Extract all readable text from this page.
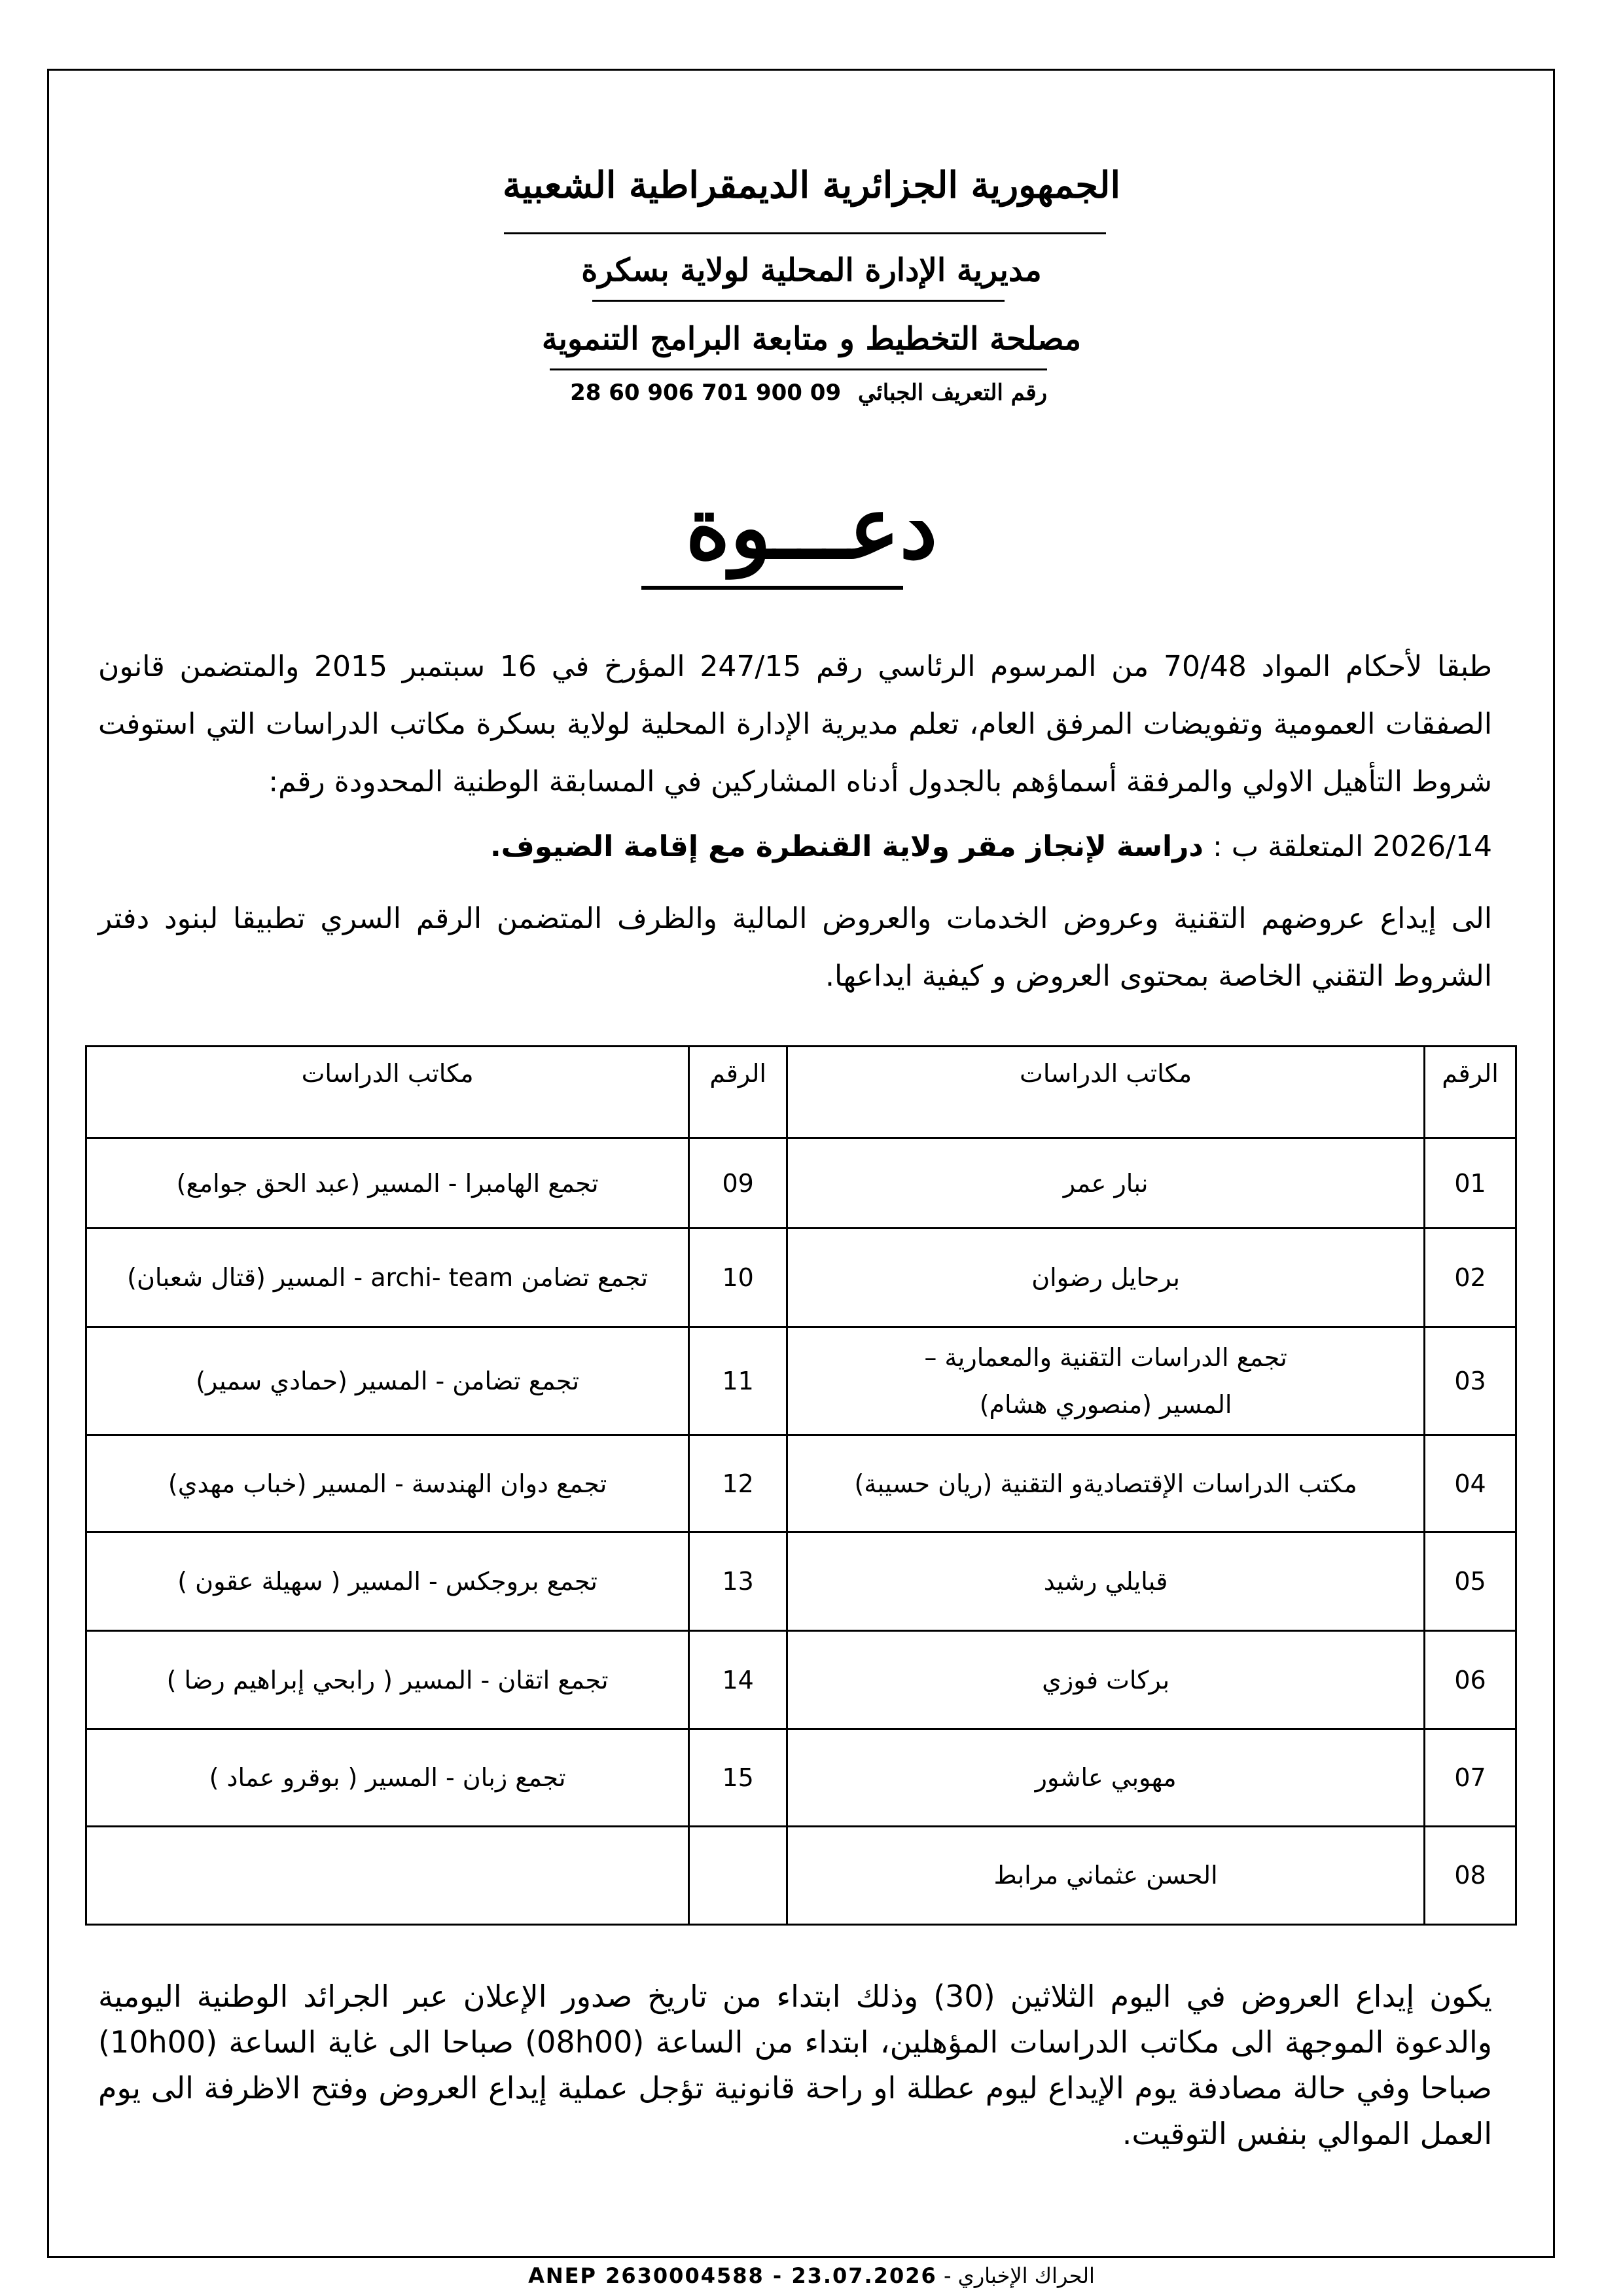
الجمهورية الجزائرية الديمقراطية الشعبية
مديرية الإدارة المحلية لولاية بسكرة
مصلحة التخطيط و متابعة البرامج التنموية
رقم التعريف الجبائي 28 60 906 701 900 09
دعـــوة
طبقا لأحكام المواد 70/48 من المرسوم الرئاسي رقم 247/15 المؤرخ في 16 سبتمبر 2015 والمتضمن قانون الصفقات العمومية وتفويضات المرفق العام، تعلم مديرية الإدارة المحلية لولاية بسكرة مكاتب الدراسات التي استوفت شروط التأهيل الاولي والمرفقة أسماؤهم بالجدول أدناه المشاركين في المسابقة الوطنية المحدودة رقم:
2026/14 المتعلقة ب : دراسة لإنجاز مقر ولاية القنطرة مع إقامة الضيوف.
الى إيداع عروضهم التقنية وعروض الخدمات والعروض المالية والظرف المتضمن الرقم السري تطبيقا لبنود دفتر الشروط التقني الخاصة بمحتوى العروض و كيفية ايداعها.
الرقم	مكاتب الدراسات	الرقم	مكاتب الدراسات
01	نبار عمر	09	تجمع الهامبرا - المسير (عبد الحق جوامع)
02	برحايل رضوان	10	تجمع تضامن archi- team - المسير (قتال شعبان)
03	تجمع الدراسات التقنية والمعمارية – المسير (منصوري هشام)	11	تجمع تضامن - المسير (حمادي سمير)
04	مكتب الدراسات الإقتصاديةو التقنية (ريان حسيبة)	12	تجمع دوان الهندسة - المسير (خباب مهدي)
05	قبايلي رشيد	13	تجمع بروجكس - المسير ( سهيلة عقون )
06	بركات فوزي	14	تجمع اتقان - المسير ( رابحي إبراهيم رضا )
07	مهوبي عاشور	15	تجمع زبان - المسير ( بوقرو عماد )
08	الحسن عثماني مرابط		
يكون إيداع العروض في اليوم الثلاثين (30) وذلك ابتداء من تاريخ صدور الإعلان عبر الجرائد الوطنية اليومية والدعوة الموجهة الى مكاتب الدراسات المؤهلين، ابتداء من الساعة (08h00) صباحا الى غاية الساعة (10h00) صباحا وفي حالة مصادفة يوم الإيداع ليوم عطلة او راحة قانونية تؤجل عملية إيداع العروض وفتح الاظرفة الى يوم العمل الموالي بنفس التوقيت.
ANEP 2630004588 - 23.07.2026 - الحراك الإخباري
